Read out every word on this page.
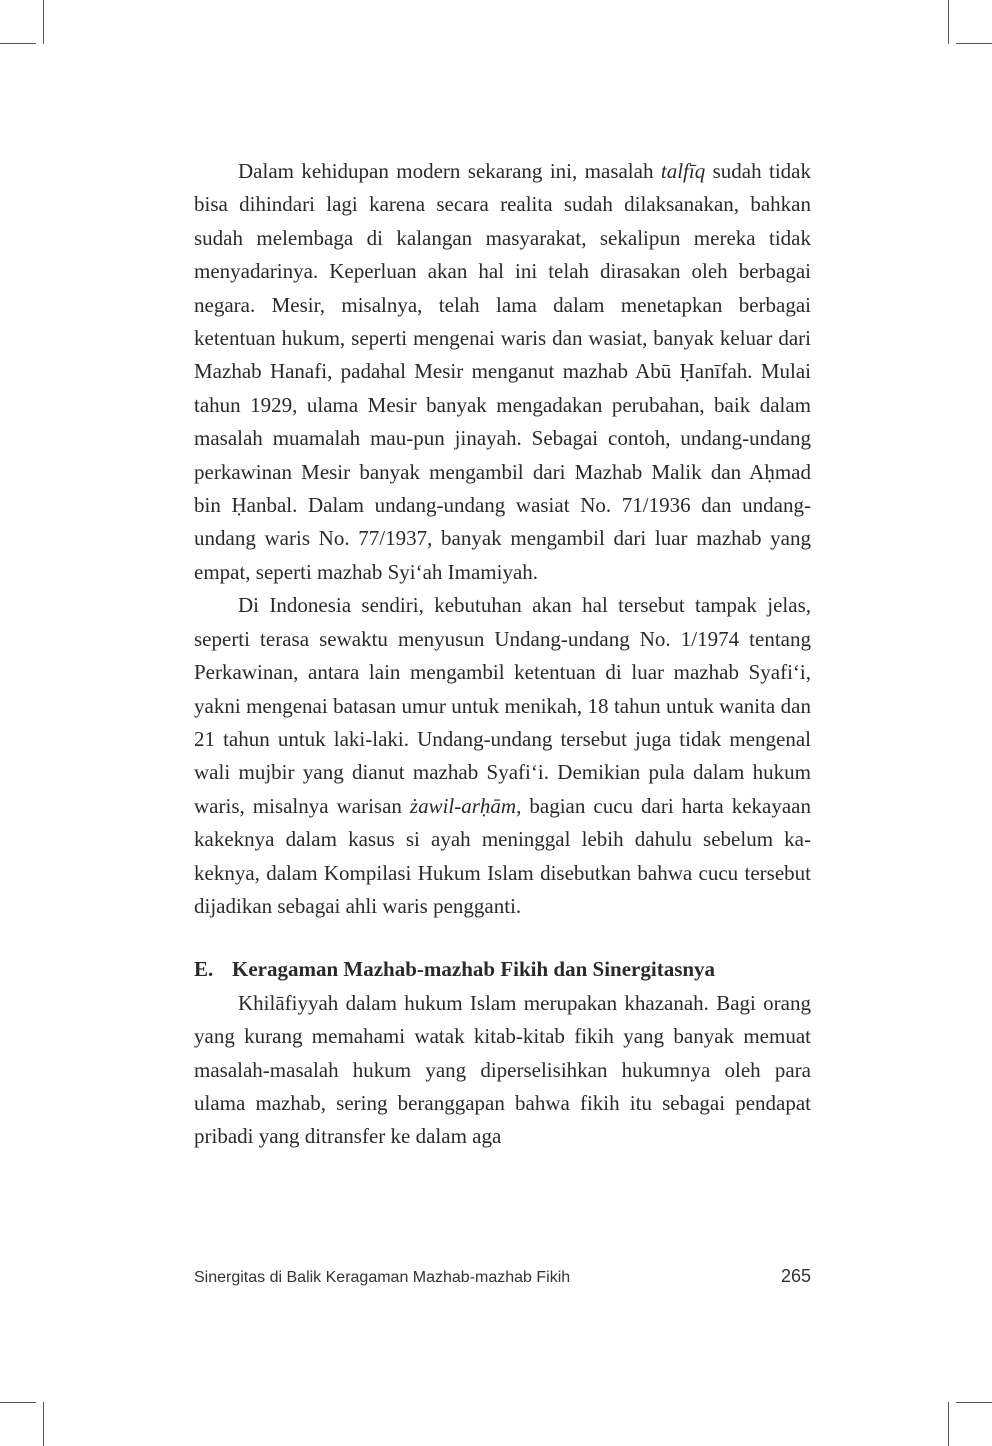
Dalam kehidupan modern sekarang ini, masalah talfīq sudah tidak bisa dihindari lagi karena secara realita sudah dilaksanakan, bahkan sudah melembaga di kalangan masyarakat, sekalipun mereka tidak menyadarinya. Keperluan akan hal ini telah dirasakan oleh berbagai negara. Mesir, misalnya, telah lama dalam menetapkan berbagai ketentuan hukum, seperti mengenai waris dan wasiat, banyak keluar dari Mazhab Hanafi, padahal Mesir menganut mazhab Abū Ḥanīfah. Mulai tahun 1929, ulama Mesir banyak mengadakan perubahan, baik dalam masalah muamalah mau-pun jinayah. Sebagai contoh, undang-undang perkawinan Mesir banyak mengambil dari Mazhab Malik dan Aḥmad bin Ḥanbal. Dalam undang-undang wasiat No. 71/1936 dan undang-undang waris No. 77/1937, banyak mengambil dari luar mazhab yang empat, seperti mazhab Syiʻah Imamiyah.

Di Indonesia sendiri, kebutuhan akan hal tersebut tampak jelas, seperti terasa sewaktu menyusun Undang-undang No. 1/1974 tentang Perkawinan, antara lain mengambil ketentuan di luar mazhab Syafiʻi, yakni mengenai batasan umur untuk menikah, 18 tahun untuk wanita dan 21 tahun untuk laki-laki. Undang-undang tersebut juga tidak mengenal wali mujbir yang dianut mazhab Syafiʻi. Demikian pula dalam hukum waris, misalnya warisan żawil-arḥām, bagian cucu dari harta kekayaan kakeknya dalam kasus si ayah meninggal lebih dahulu sebelum kakeknya, dalam Kompilasi Hukum Islam disebutkan bahwa cucu tersebut dijadikan sebagai ahli waris pengganti.

E. Keragaman Mazhab-mazhab Fikih dan Sinergitasnya

Khilāfiyyah dalam hukum Islam merupakan khazanah. Bagi orang yang kurang memahami watak kitab-kitab fikih yang banyak memuat masalah-masalah hukum yang diperselisihkan hukumnya oleh para ulama mazhab, sering beranggapan bahwa fikih itu sebagai pendapat pribadi yang ditransfer ke dalam aga

Sinergitas di Balik Keragaman Mazhab-mazhab Fikih	265
